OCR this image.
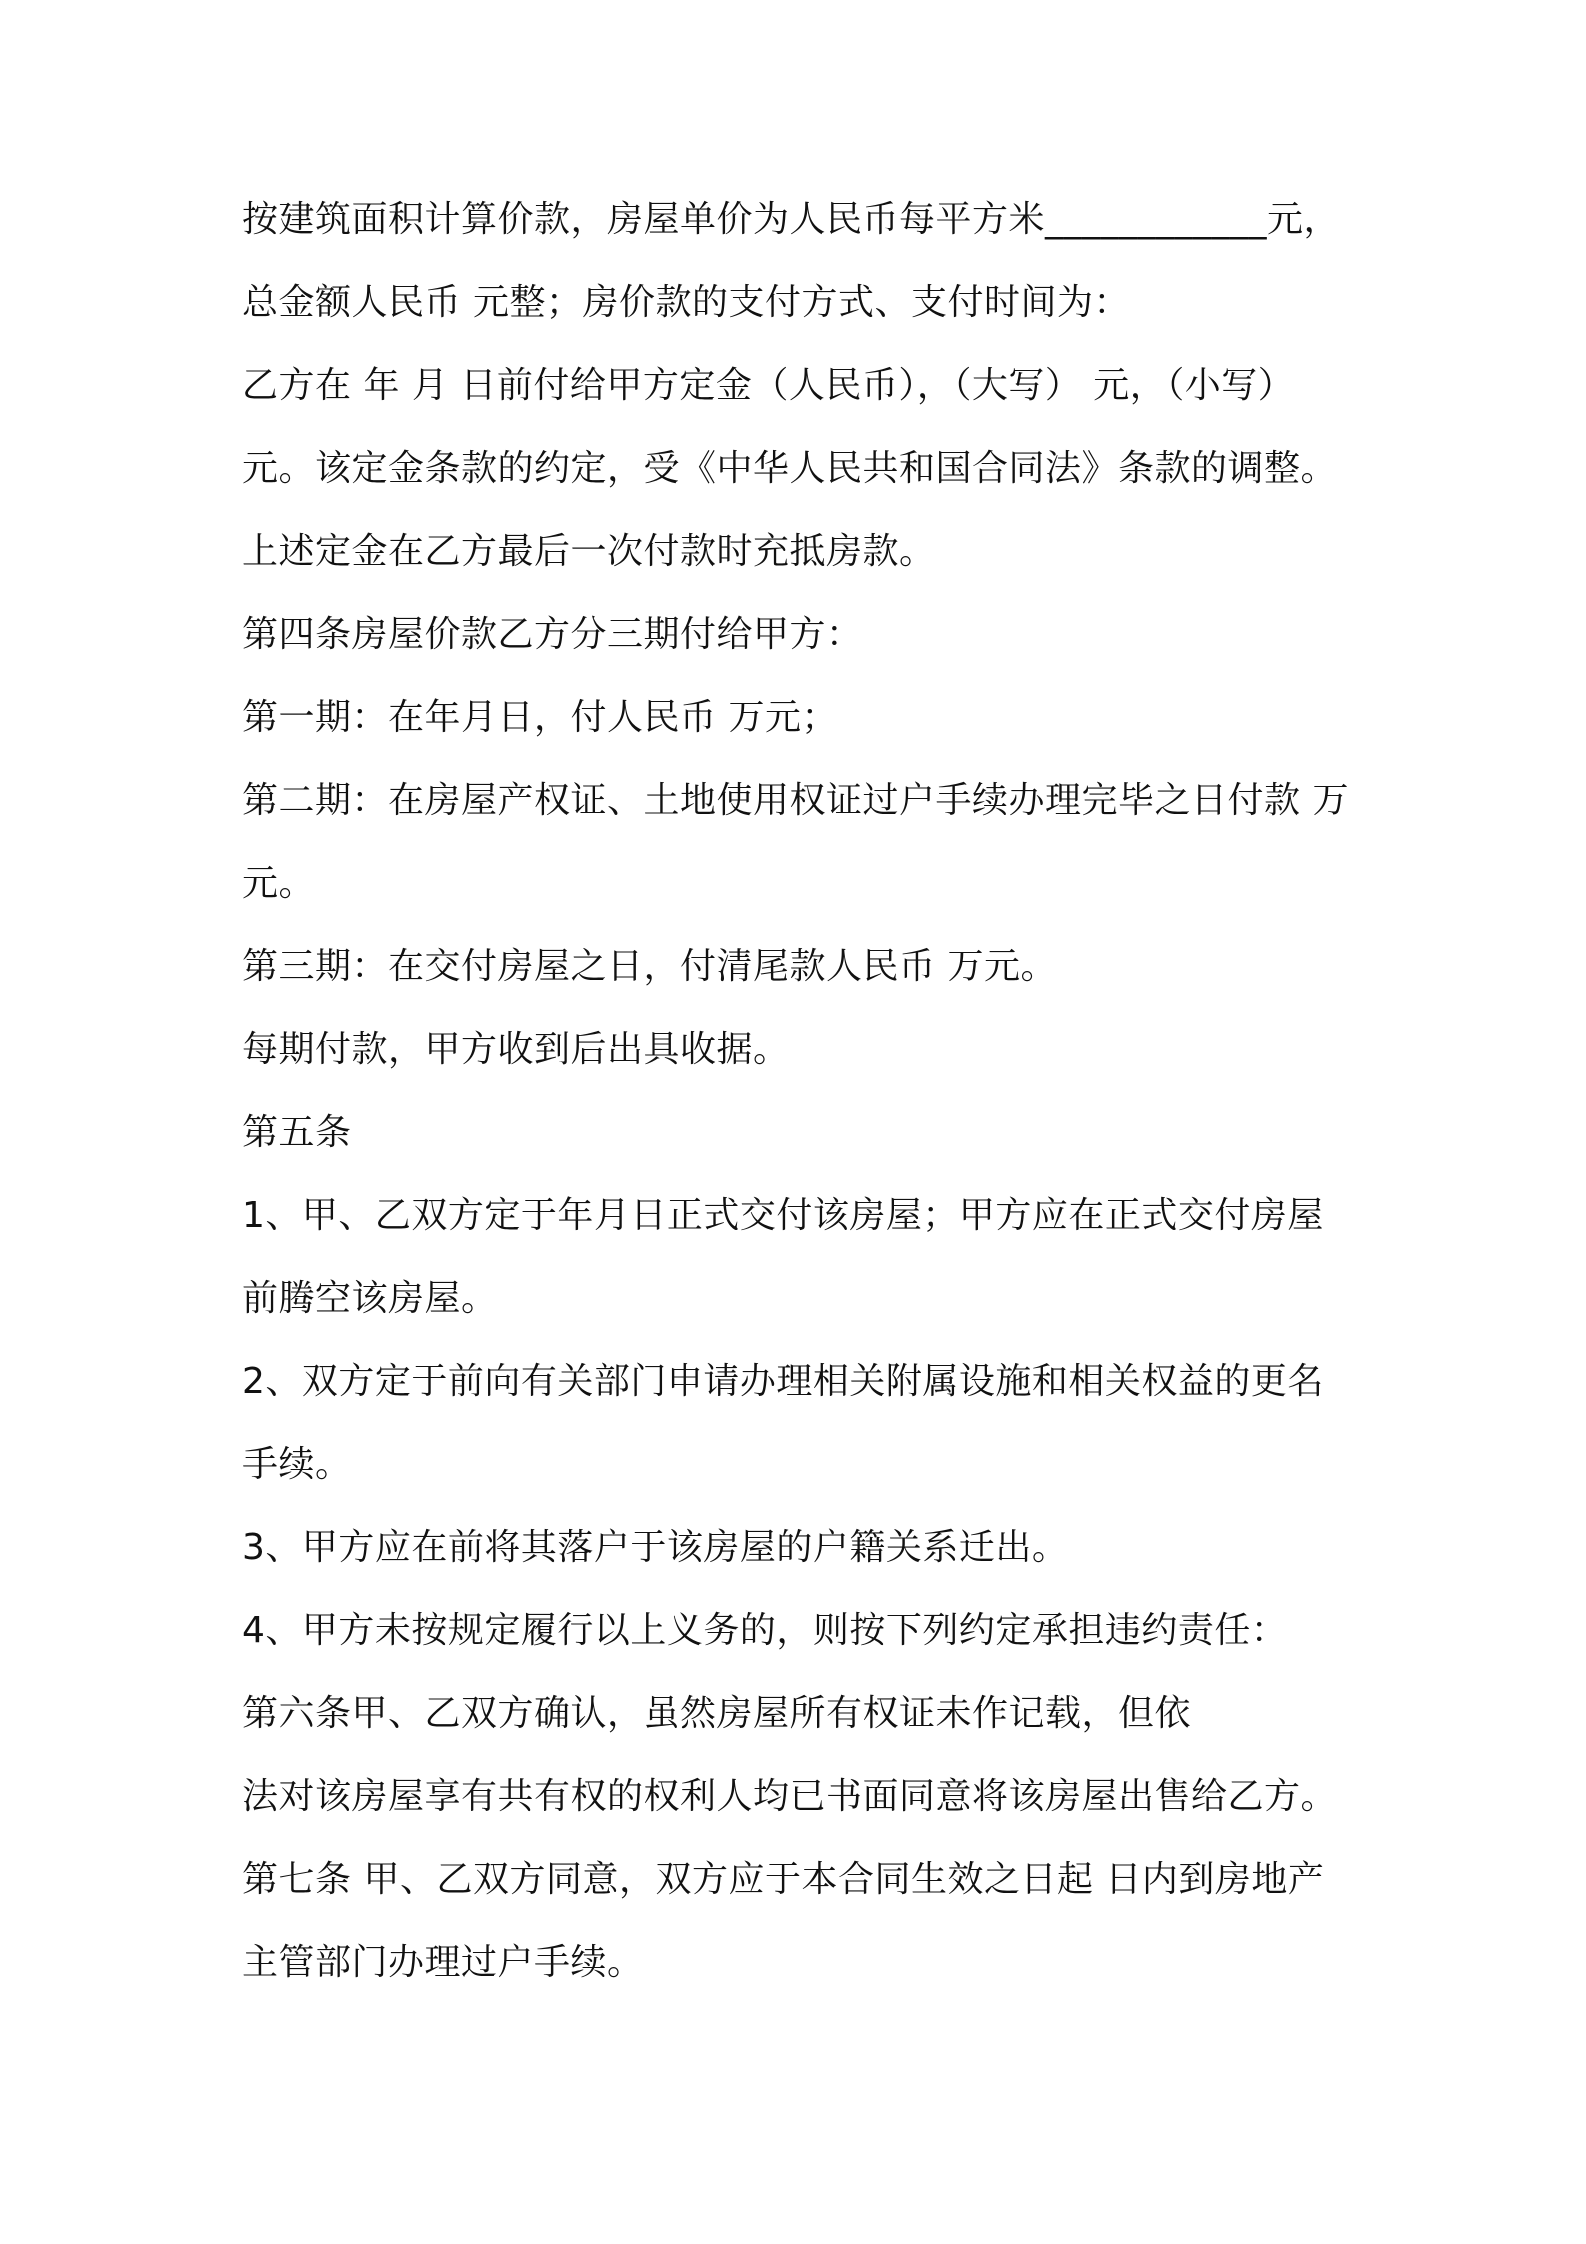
按建筑面积计算价款，房屋单价为人民币每平方米____________元，
总金额人民币 元整；房价款的支付方式、支付时间为：
乙方在 年 月 日前付给甲方定金（人民币），（大写） 元，（小写）
元。该定金条款的约定，受《中华人民共和国合同法》条款的调整。
上述定金在乙方最后一次付款时充抵房款。
第四条房屋价款乙方分三期付给甲方：
第一期：在年月日，付人民币 万元；
第二期：在房屋产权证、土地使用权证过户手续办理完毕之日付款 万
元。
第三期：在交付房屋之日，付清尾款人民币 万元。
每期付款，甲方收到后出具收据。
第五条
1、甲、乙双方定于年月日正式交付该房屋；甲方应在正式交付房屋
前腾空该房屋。
2、双方定于前向有关部门申请办理相关附属设施和相关权益的更名
手续。
3、甲方应在前将其落户于该房屋的户籍关系迁出。
4、甲方未按规定履行以上义务的，则按下列约定承担违约责任：
第六条甲、乙双方确认，虽然房屋所有权证未作记载，但依
法对该房屋享有共有权的权利人均已书面同意将该房屋出售给乙方。
第七条 甲、乙双方同意，双方应于本合同生效之日起 日内到房地产
主管部门办理过户手续。
